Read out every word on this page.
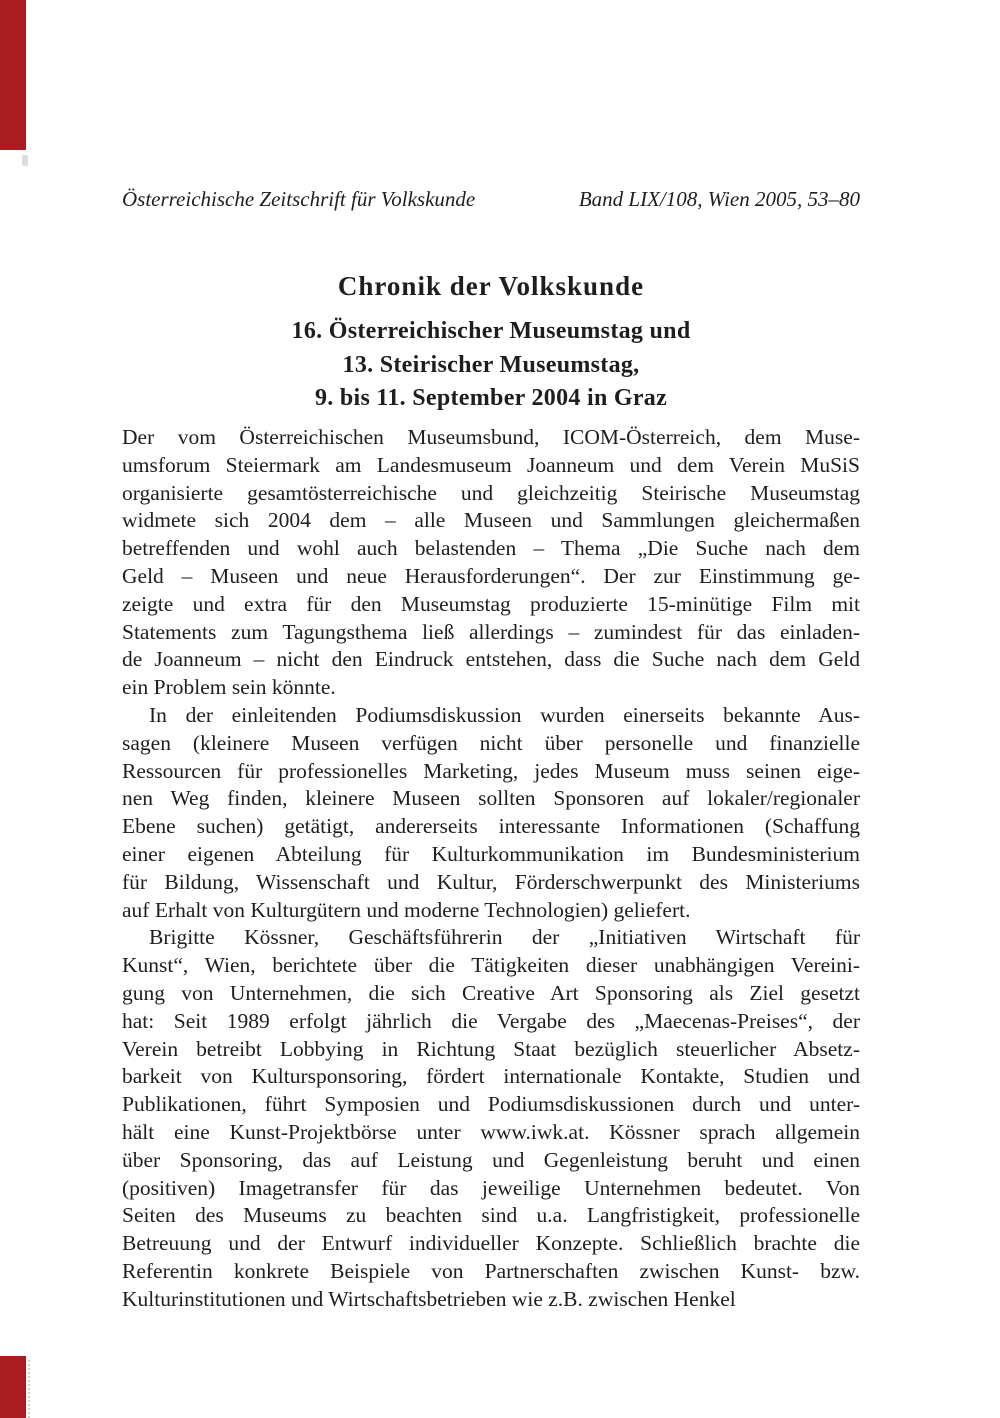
Österreichische Zeitschrift für Volkskunde	Band LIX/108, Wien 2005, 53–80
Chronik der Volkskunde
16. Österreichischer Museumstag und
13. Steirischer Museumstag,
9. bis 11. September 2004 in Graz
Der vom Österreichischen Museumsbund, ICOM-Österreich, dem Muse-
umsforum Steiermark am Landesmuseum Joanneum und dem Verein MuSiS
organisierte gesamtösterreichische und gleichzeitig Steirische Museumstag
widmete sich 2004 dem – alle Museen und Sammlungen gleichermaßen
betreffenden und wohl auch belastenden – Thema „Die Suche nach dem
Geld – Museen und neue Herausforderungen“. Der zur Einstimmung ge-
zeigte und extra für den Museumstag produzierte 15-minütige Film mit
Statements zum Tagungsthema ließ allerdings – zumindest für das einladen-
de Joanneum – nicht den Eindruck entstehen, dass die Suche nach dem Geld
ein Problem sein könnte.
In der einleitenden Podiumsdiskussion wurden einerseits bekannte Aus-
sagen (kleinere Museen verfügen nicht über personelle und finanzielle
Ressourcen für professionelles Marketing, jedes Museum muss seinen eige-
nen Weg finden, kleinere Museen sollten Sponsoren auf lokaler/regionaler
Ebene suchen) getätigt, andererseits interessante Informationen (Schaffung
einer eigenen Abteilung für Kulturkommunikation im Bundesministerium
für Bildung, Wissenschaft und Kultur, Förderschwerpunkt des Ministeriums
auf Erhalt von Kulturgütern und moderne Technologien) geliefert.
Brigitte Kössner, Geschäftsführerin der „Initiativen Wirtschaft für
Kunst“, Wien, berichtete über die Tätigkeiten dieser unabhängigen Vereini-
gung von Unternehmen, die sich Creative Art Sponsoring als Ziel gesetzt
hat: Seit 1989 erfolgt jährlich die Vergabe des „Maecenas-Preises“, der
Verein betreibt Lobbying in Richtung Staat bezüglich steuerlicher Absetz-
barkeit von Kultursponsoring, fördert internationale Kontakte, Studien und
Publikationen, führt Symposien und Podiumsdiskussionen durch und unter-
hält eine Kunst-Projektbörse unter www.iwk.at. Kössner sprach allgemein
über Sponsoring, das auf Leistung und Gegenleistung beruht und einen
(positiven) Imagetransfer für das jeweilige Unternehmen bedeutet. Von
Seiten des Museums zu beachten sind u.a. Langfristigkeit, professionelle
Betreuung und der Entwurf individueller Konzepte. Schließlich brachte die
Referentin konkrete Beispiele von Partnerschaften zwischen Kunst- bzw.
Kulturinstitutionen und Wirtschaftsbetrieben wie z.B. zwischen Henkel
